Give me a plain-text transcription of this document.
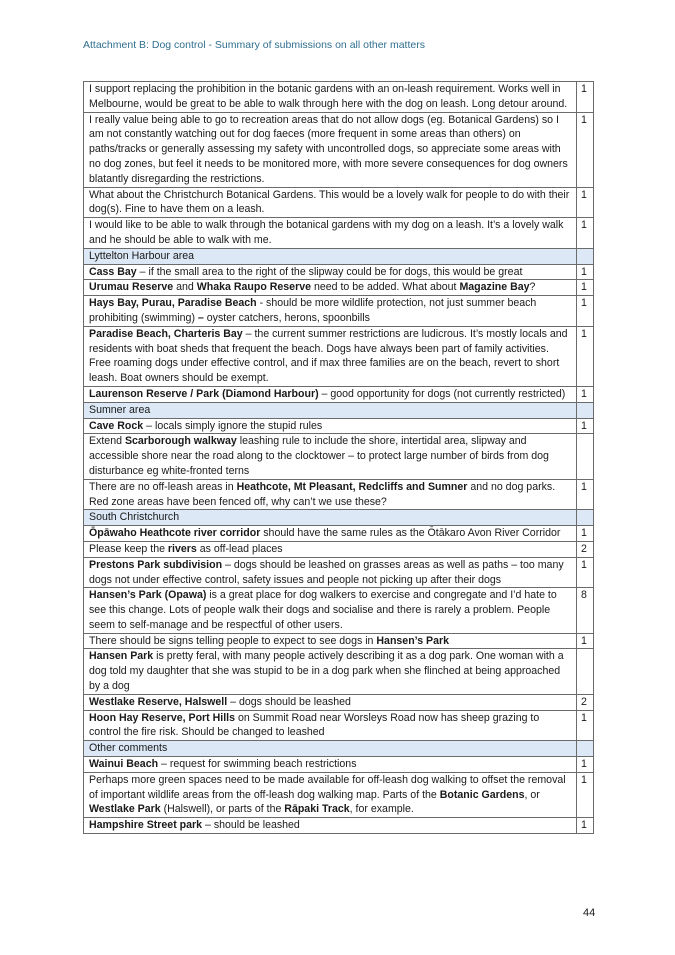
Attachment B: Dog control - Summary of submissions on all other matters
I support replacing the prohibition in the botanic gardens with an on-leash requirement. Works well in Melbourne, would be great to be able to walk through here with the dog on leash. Long detour around.	1
I really value being able to go to recreation areas that do not allow dogs (eg. Botanical Gardens) so I am not constantly watching out for dog faeces (more frequent in some areas than others) on paths/tracks or generally assessing my safety with uncontrolled dogs, so appreciate some areas with no dog zones, but feel it needs to be monitored more, with more severe consequences for dog owners blatantly disregarding the restrictions.	1
What about the Christchurch Botanical Gardens. This would be a lovely walk for people to do with their dog(s). Fine to have them on a leash.	1
I would like to be able to walk through the botanical gardens with my dog on a leash. It’s a lovely walk and he should be able to walk with me.	1
Lyttelton Harbour area	
Cass Bay – if the small area to the right of the slipway could be for dogs, this would be great	1
Urumau Reserve and Whaka Raupo Reserve need to be added. What about Magazine Bay?	1
Hays Bay, Purau, Paradise Beach - should be more wildlife protection, not just summer beach prohibiting (swimming) – oyster catchers, herons, spoonbills	1
Paradise Beach, Charteris Bay – the current summer restrictions are ludicrous. It’s mostly locals and residents with boat sheds that frequent the beach. Dogs have always been part of family activities. Free roaming dogs under effective control, and if max three families are on the beach, revert to short leash. Boat owners should be exempt.	1
Laurenson Reserve / Park (Diamond Harbour) – good opportunity for dogs (not currently restricted)	1
Sumner area	
Cave Rock – locals simply ignore the stupid rules	1
Extend Scarborough walkway leashing rule to include the shore, intertidal area, slipway and accessible shore near the road along to the clocktower – to protect large number of birds from dog disturbance eg white-fronted terns	
There are no off-leash areas in Heathcote, Mt Pleasant, Redcliffs and Sumner and no dog parks. Red zone areas have been fenced off, why can’t we use these?	1
South Christchurch	
Ōpāwaho Heathcote river corridor should have the same rules as the Ōtākaro Avon River Corridor	1
Please keep the rivers as off-lead places	2
Prestons Park subdivision – dogs should be leashed on grasses areas as well as paths – too many dogs not under effective control, safety issues and people not picking up after their dogs	1
Hansen’s Park (Opawa) is a great place for dog walkers to exercise and congregate and I’d hate to see this change. Lots of people walk their dogs and socialise and there is rarely a problem. People seem to self-manage and be respectful of other users.	8
There should be signs telling people to expect to see dogs in Hansen’s Park	1
Hansen Park is pretty feral, with many people actively describing it as a dog park. One woman with a dog told my daughter that she was stupid to be in a dog park when she flinched at being approached by a dog	
Westlake Reserve, Halswell – dogs should be leashed	2
Hoon Hay Reserve, Port Hills on Summit Road near Worsleys Road now has sheep grazing to control the fire risk. Should be changed to leashed	1
Other comments	
Wainui Beach – request for swimming beach restrictions	1
Perhaps more green spaces need to be made available for off-leash dog walking to offset the removal of important wildlife areas from the off-leash dog walking map. Parts of the Botanic Gardens, or Westlake Park (Halswell), or parts of the Rāpaki Track, for example.	1
Hampshire Street park – should be leashed	1
44
